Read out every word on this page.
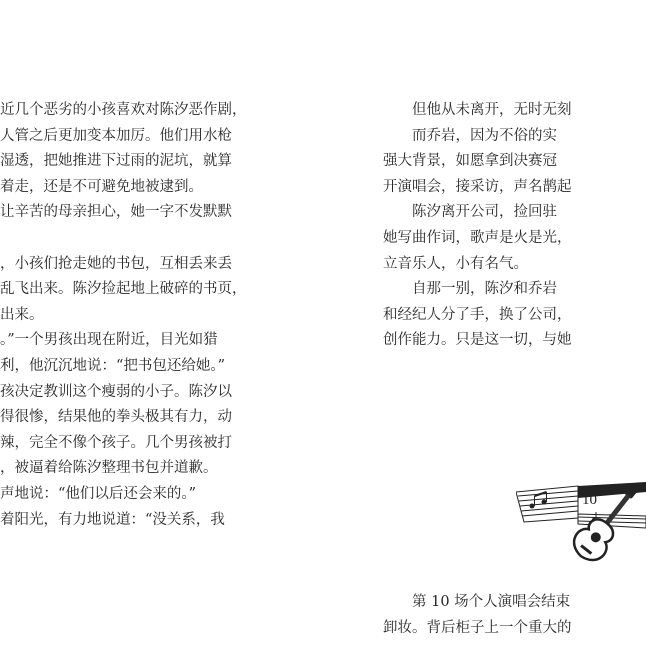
近几个恶劣的小孩喜欢对陈汐恶作剧，
人管之后更加变本加厉。他们用水枪
湿透，把她推进下过雨的泥坑，就算
着走，还是不可避免地被逮到。
让辛苦的母亲担心，她一字不发默默
，小孩们抢走她的书包，互相丢来丢
乱飞出来。陈汐捡起地上破碎的书页，
出来。
。”一个男孩出现在附近，目光如猎
利，他沉沉地说：“把书包还给她。”
孩决定教训这个瘦弱的小子。陈汐以
得很惨，结果他的拳头极其有力，动
辣，完全不像个孩子。几个男孩被打
，被逼着给陈汐整理书包并道歉。
声地说：“他们以后还会来的。”
着阳光，有力地说道：“没关系，我
　　但他从未离开，无时无刻
　　而乔岩，因为不俗的实
强大背景，如愿拿到决赛冠
开演唱会，接采访，声名鹊起
　　陈汐离开公司，捡回驻
她写曲作词，歌声是火是光，
立音乐人，小有名气。
　　自那一别，陈汐和乔岩
和经纪人分了手，换了公司，
创作能力。只是这一切，与她
10
　　第 10 场个人演唱会结束
卸妆。背后柜子上一个重大的
